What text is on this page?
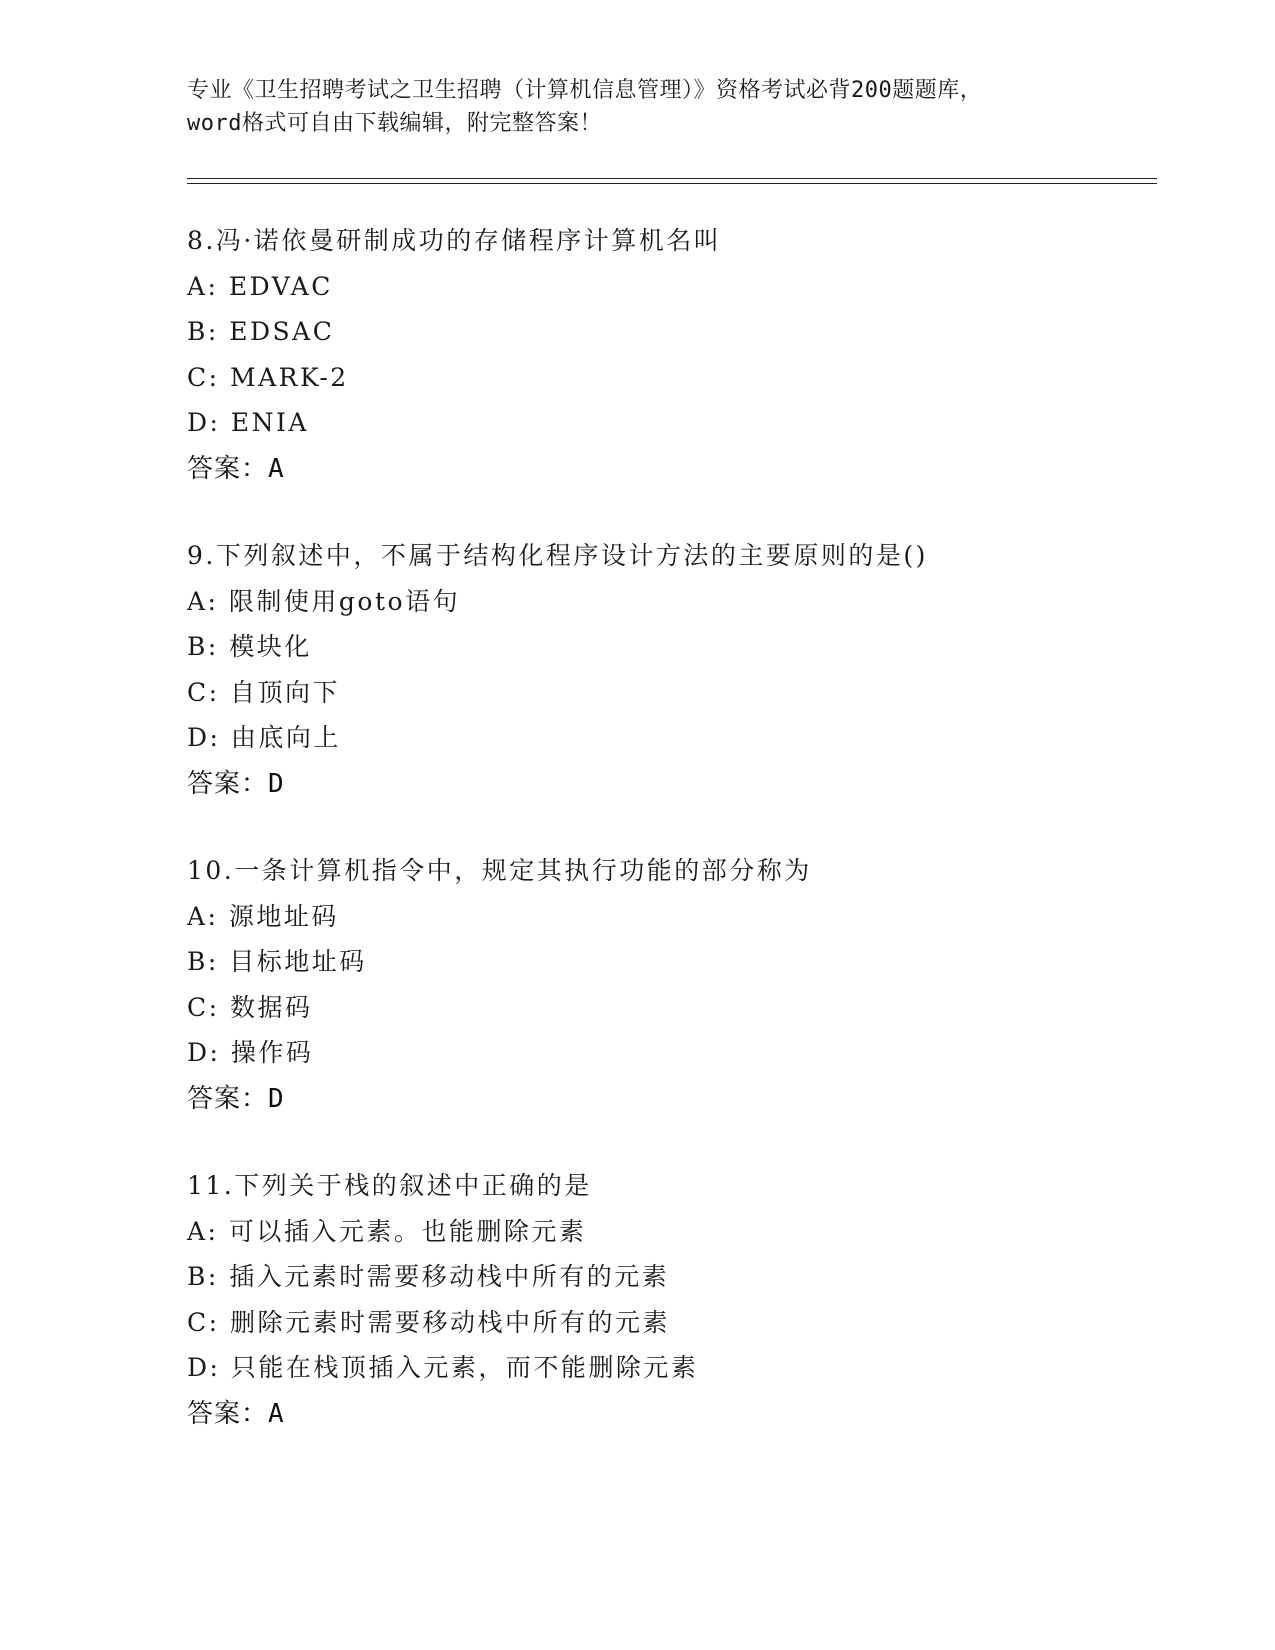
专业《卫生招聘考试之卫生招聘（计算机信息管理）》资格考试必背200题题库，
word格式可自由下载编辑，附完整答案！
8.冯·诺依曼研制成功的存储程序计算机名叫
A: EDVAC
B: EDSAC
C: MARK-2
D: ENIA
答案：A
9.下列叙述中，不属于结构化程序设计方法的主要原则的是()
A: 限制使用goto语句
B: 模块化
C: 自顶向下
D: 由底向上
答案：D
10.一条计算机指令中，规定其执行功能的部分称为
A: 源地址码
B: 目标地址码
C: 数据码
D: 操作码
答案：D
11.下列关于栈的叙述中正确的是
A: 可以插入元素。也能删除元素
B: 插入元素时需要移动栈中所有的元素
C: 删除元素时需要移动栈中所有的元素
D: 只能在栈顶插入元素，而不能删除元素
答案：A
